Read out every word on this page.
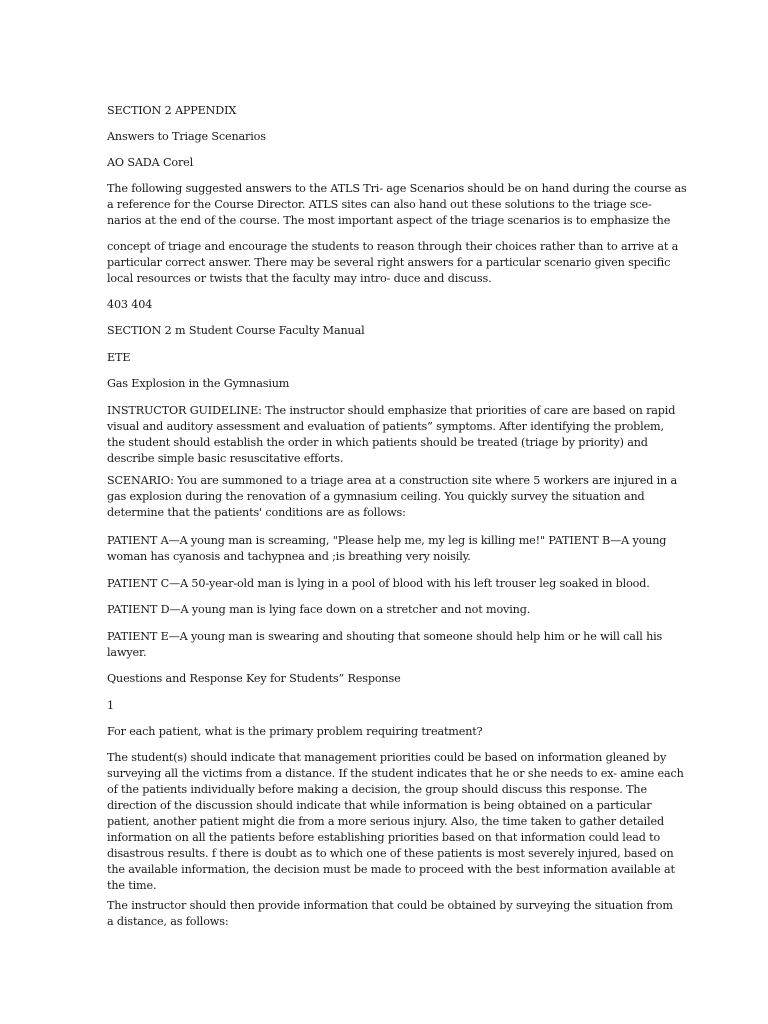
SECTION 2 APPENDIX
Answers to Triage Scenarios
AO SADA Corel
The following suggested answers to the ATLS Tri- age Scenarios should be on hand during the course as
a reference for the Course Director. ATLS sites can also hand out these solutions to the triage sce-
narios at the end of the course. The most important aspect of the triage scenarios is to emphasize the
concept of triage and encourage the students to reason through their choices rather than to arrive at a
particular correct answer. There may be several right answers for a particular scenario given specific
local resources or twists that the faculty may intro- duce and discuss.
403 404
SECTION 2 m Student Course Faculty Manual
ETE
Gas Explosion in the Gymnasium
INSTRUCTOR GUIDELINE: The instructor should emphasize that priorities of care are based on rapid
visual and auditory assessment and evaluation of patients” symptoms. After identifying the problem,
the student should establish the order in which patients should be treated (triage by priority) and
describe simple basic resuscitative efforts.
SCENARIO: You are summoned to a triage area at a construction site where 5 workers are injured in a
gas explosion during the renovation of a gymnasium ceiling. You quickly survey the situation and
determine that the patients' conditions are as follows:
PATIENT A—A young man is screaming, "Please help me, my leg is killing me!" PATIENT B—A young
woman has cyanosis and tachypnea and ;is breathing very noisily.
PATIENT C—A 50-year-old man is lying in a pool of blood with his left trouser leg soaked in blood.
PATIENT D—A young man is lying face down on a stretcher and not moving.
PATIENT E—A young man is swearing and shouting that someone should help him or he will call his
lawyer.
Questions and Response Key for Students” Response
1
For each patient, what is the primary problem requiring treatment?
The student(s) should indicate that management priorities could be based on information gleaned by
surveying all the victims from a distance. If the student indicates that he or she needs to ex- amine each
of the patients individually before making a decision, the group should discuss this response. The
direction of the discussion should indicate that while information is being obtained on a particular
patient, another patient might die from a more serious injury. Also, the time taken to gather detailed
information on all the patients before establishing priorities based on that information could lead to
disastrous results. f there is doubt as to which one of these patients is most severely injured, based on
the available information, the decision must be made to proceed with the best information available at
the time.
The instructor should then provide information that could be obtained by surveying the situation from
a distance, as follows:
